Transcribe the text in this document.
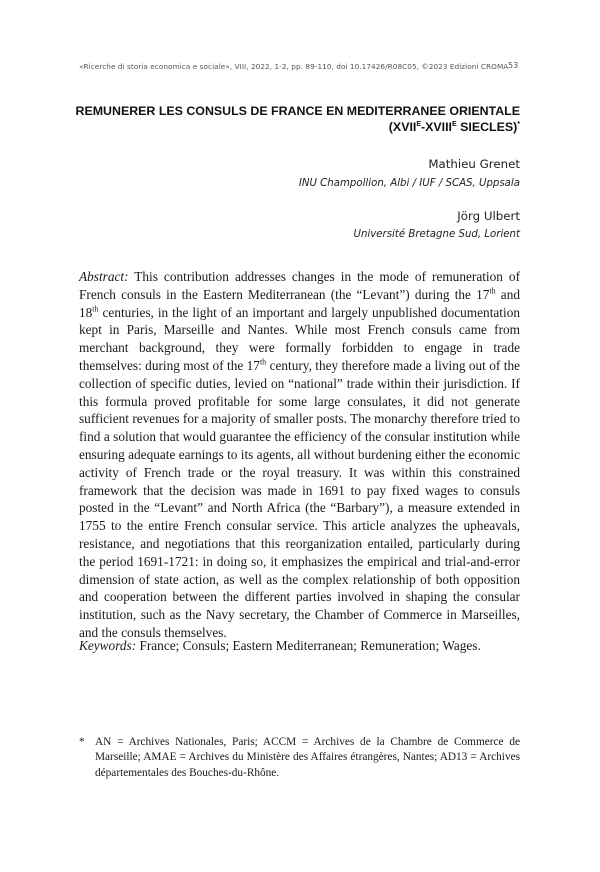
«Ricerche di storia economica e sociale», VIII, 2022, 1-2, pp. 89-110, doi 10.17426/R08C05, ©2023 Edizioni CROMA 53
REMUNERER LES CONSULS DE FRANCE EN MEDITERRANEE ORIENTALE
($XVII^E-XVIII^E$ SIECLES)*
Mathieu Grenet
INU Champollion, Albi / IUF / SCAS, Uppsala
Jörg Ulbert
Université Bretagne Sud, Lorient
Abstract: This contribution addresses changes in the mode of remuneration of French consuls in the Eastern Mediterranean (the “Levant”) during the 17th and 18th centuries, in the light of an important and largely unpublished documentation kept in Paris, Marseille and Nantes. While most French consuls came from merchant background, they were formally forbidden to engage in trade themselves: during most of the 17th century, they therefore made a living out of the collection of specific duties, levied on “national” trade within their jurisdiction. If this formula proved profitable for some large consulates, it did not generate sufficient revenues for a majority of smaller posts. The monarchy therefore tried to find a solution that would guarantee the efficiency of the consular institution while ensuring adequate earnings to its agents, all without burdening either the economic activity of French trade or the royal treasury. It was within this constrained framework that the decision was made in 1691 to pay fixed wages to consuls posted in the “Levant” and North Africa (the “Barbary”), a measure extended in 1755 to the entire French consular service. This article analyzes the upheavals, resistance, and negotiations that this reorganization entailed, particularly during the period 1691-1721: in doing so, it emphasizes the empirical and trial-and-error dimension of state action, as well as the complex relationship of both opposition and cooperation between the different parties involved in shaping the consular institution, such as the Navy secretary, the Chamber of Commerce in Marseilles, and the consuls themselves.
Keywords: France; Consuls; Eastern Mediterranean; Remuneration; Wages.
* AN = Archives Nationales, Paris; ACCM = Archives de la Chambre de Commerce de Marseille; AMAE = Archives du Ministère des Affaires étrangères, Nantes; AD13 = Archives départementales des Bouches-du-Rhône.
